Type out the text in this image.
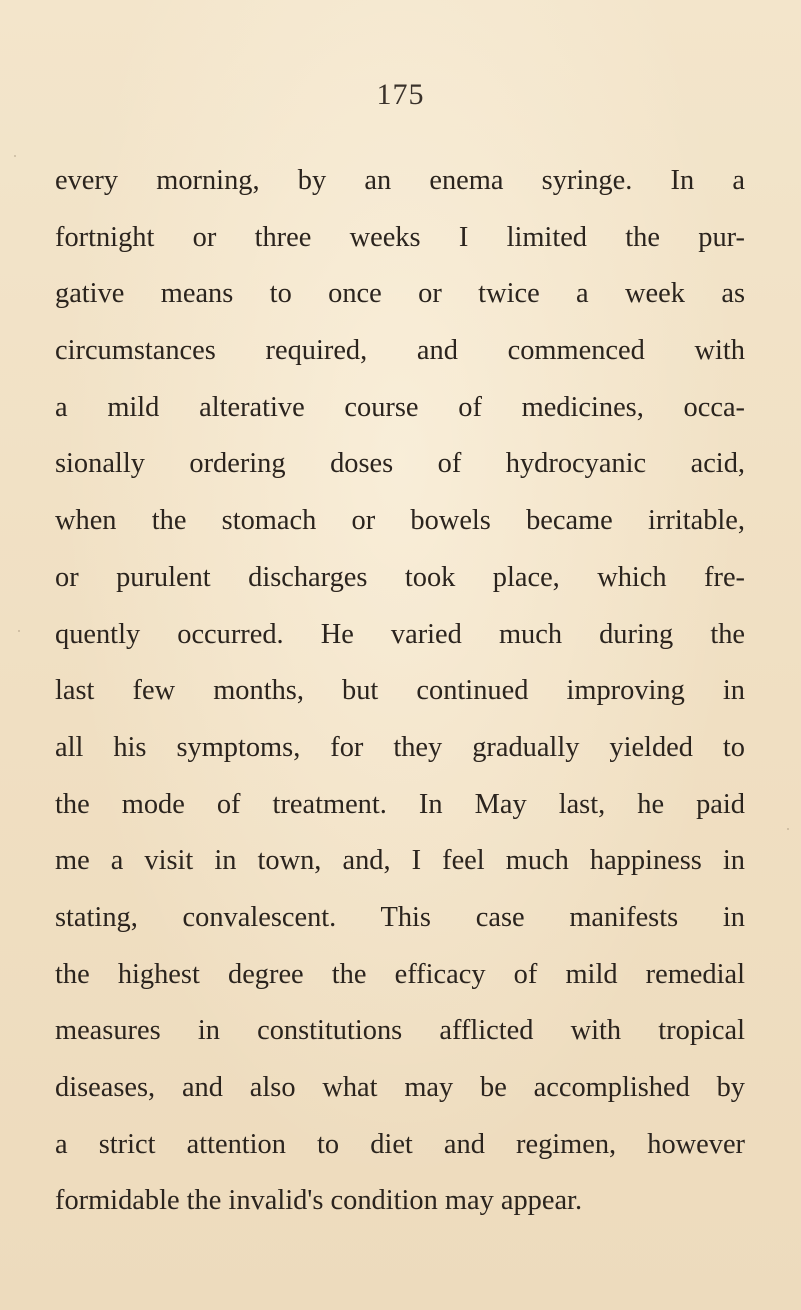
175
every morning, by an enema syringe. In a
fortnight or three weeks I limited the pur-
gative means to once or twice a week as
circumstances required, and commenced with
a mild alterative course of medicines, occa-
sionally ordering doses of hydrocyanic acid,
when the stomach or bowels became irritable,
or purulent discharges took place, which fre-
quently occurred. He varied much during the
last few months, but continued improving in
all his symptoms, for they gradually yielded to
the mode of treatment. In May last, he paid
me a visit in town, and, I feel much happiness in
stating, convalescent. This case manifests in
the highest degree the efficacy of mild remedial
measures in constitutions afflicted with tropical
diseases, and also what may be accomplished by
a strict attention to diet and regimen, however
formidable the invalid's condition may appear.
